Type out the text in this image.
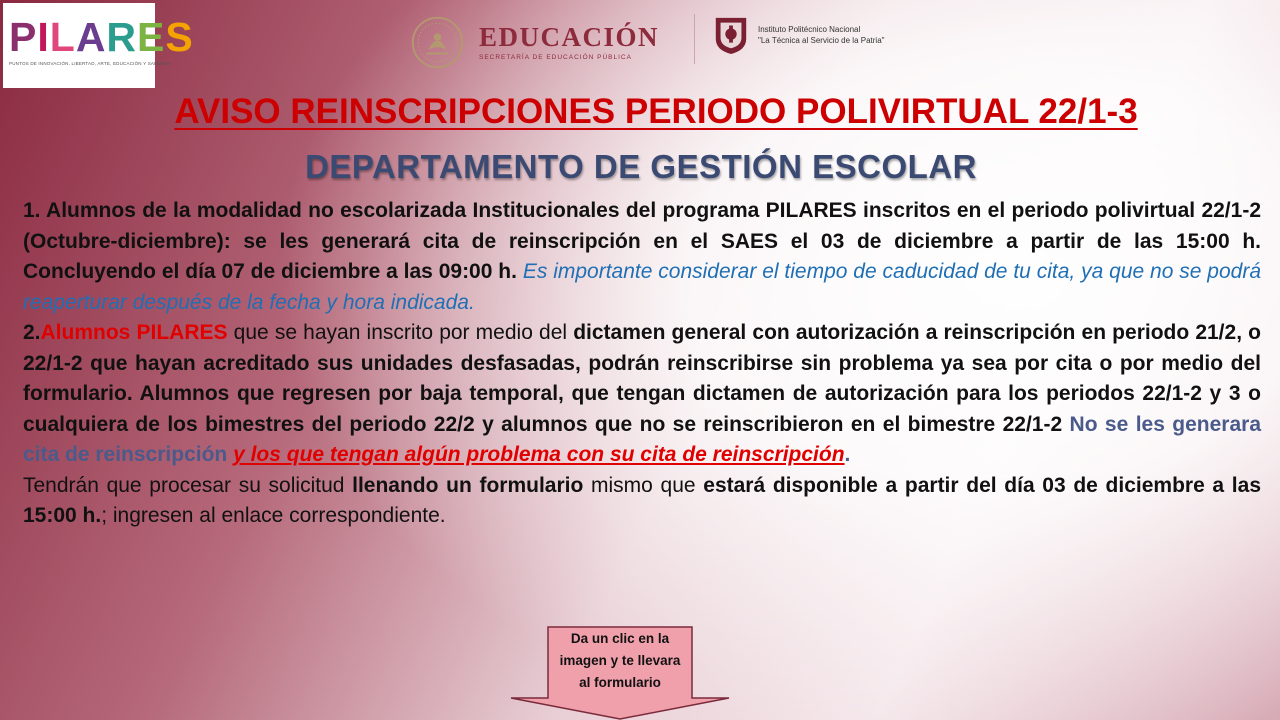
PILARES
PUNTOS DE INNOVACIÓN, LIBERTAD, ARTE, EDUCACIÓN Y SABERES
EDUCACIÓN
SECRETARÍA DE EDUCACIÓN PÚBLICA
Instituto Politécnico Nacional
"La Técnica al Servicio de la Patria"
AVISO REINSCRIPCIONES PERIODO POLIVIRTUAL 22/1-3
DEPARTAMENTO DE GESTIÓN ESCOLAR

1. Alumnos de la modalidad no escolarizada Institucionales del programa PILARES inscritos en el periodo polivirtual 22/1-2 (Octubre-diciembre): se les generará cita de reinscripción en el SAES el 03 de diciembre a partir de las 15:00 h. Concluyendo el día 07 de diciembre a las 09:00 h. Es importante considerar el tiempo de caducidad de tu cita, ya que no se podrá reaperturar después de la fecha y hora indicada.

2.Alumnos PILARES que se hayan inscrito por medio del dictamen general con autorización a reinscripción en periodo 21/2, o 22/1-2 que hayan acreditado sus unidades desfasadas, podrán reinscribirse sin problema ya sea por cita o por medio del formulario. Alumnos que regresen por baja temporal, que tengan dictamen de autorización para los periodos 22/1-2 y 3 o cualquiera de los bimestres del periodo 22/2 y alumnos que no se reinscribieron en el bimestre 22/1-2 No se les generara cita de reinscripción y los que tengan algún problema con su cita de reinscripción.

Tendrán que procesar su solicitud llenando un formulario mismo que estará disponible a partir del día 03 de diciembre a las 15:00 h.; ingresen al enlace correspondiente.

Da un clic en la
imagen y te llevara
al formulario
